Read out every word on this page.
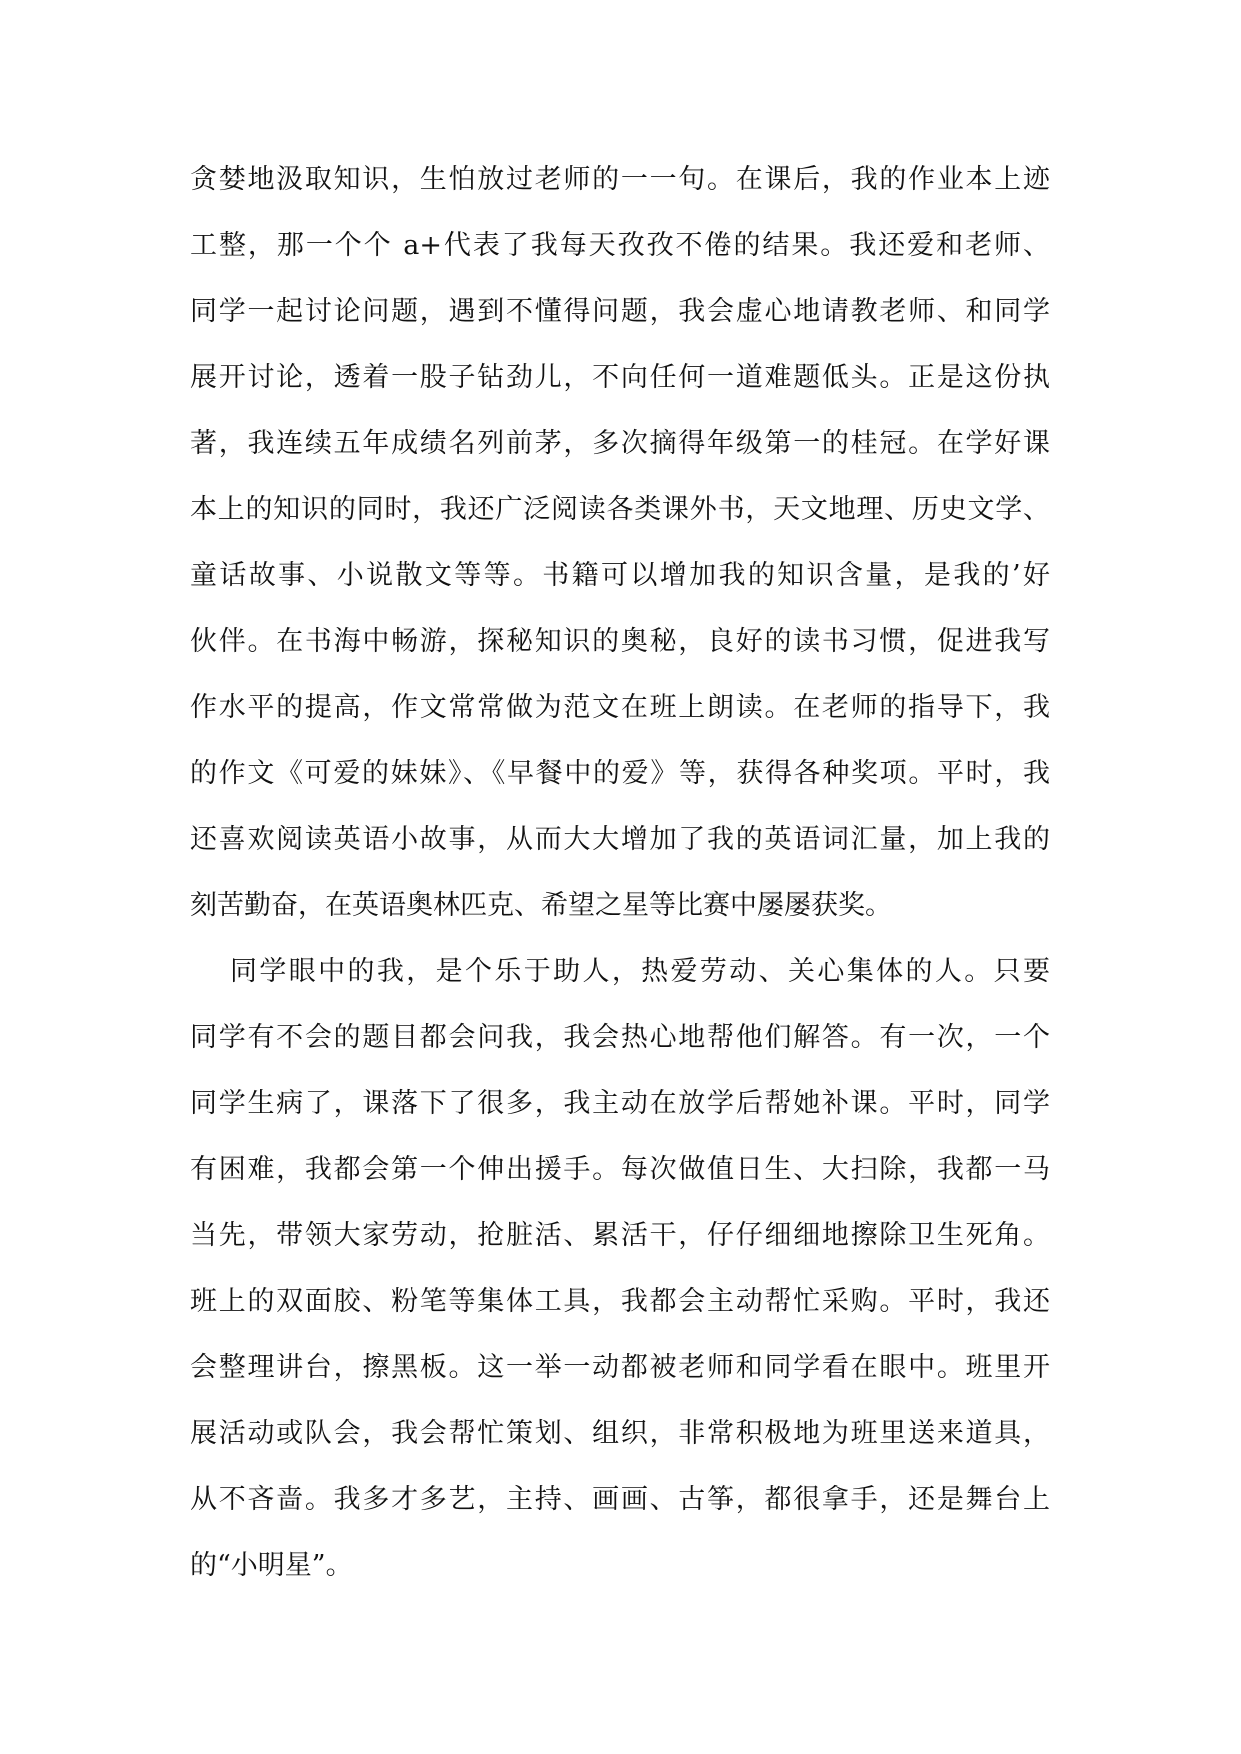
贪婪地汲取知识，生怕放过老师的一一句。在课后，我的作业本上迹
工整，那一个个 a+代表了我每天孜孜不倦的结果。我还爱和老师、
同学一起讨论问题，遇到不懂得问题，我会虚心地请教老师、和同学
展开讨论，透着一股子钻劲儿，不向任何一道难题低头。正是这份执
著，我连续五年成绩名列前茅，多次摘得年级第一的桂冠。在学好课
本上的知识的同时，我还广泛阅读各类课外书，天文地理、历史文学、
童话故事、小说散文等等。书籍可以增加我的知识含量，是我的’好
伙伴。在书海中畅游，探秘知识的奥秘，良好的读书习惯，促进我写
作水平的提高，作文常常做为范文在班上朗读。在老师的指导下，我
的作文《可爱的妹妹》、《早餐中的爱》等，获得各种奖项。平时，我
还喜欢阅读英语小故事，从而大大增加了我的英语词汇量，加上我的
刻苦勤奋，在英语奥林匹克、希望之星等比赛中屡屡获奖。
同学眼中的我，是个乐于助人，热爱劳动、关心集体的人。只要
同学有不会的题目都会问我，我会热心地帮他们解答。有一次，一个
同学生病了，课落下了很多，我主动在放学后帮她补课。平时，同学
有困难，我都会第一个伸出援手。每次做值日生、大扫除，我都一马
当先，带领大家劳动，抢脏活、累活干，仔仔细细地擦除卫生死角。
班上的双面胶、粉笔等集体工具，我都会主动帮忙采购。平时，我还
会整理讲台，擦黑板。这一举一动都被老师和同学看在眼中。班里开
展活动或队会，我会帮忙策划、组织，非常积极地为班里送来道具，
从不吝啬。我多才多艺，主持、画画、古筝，都很拿手，还是舞台上
的“小明星”。
